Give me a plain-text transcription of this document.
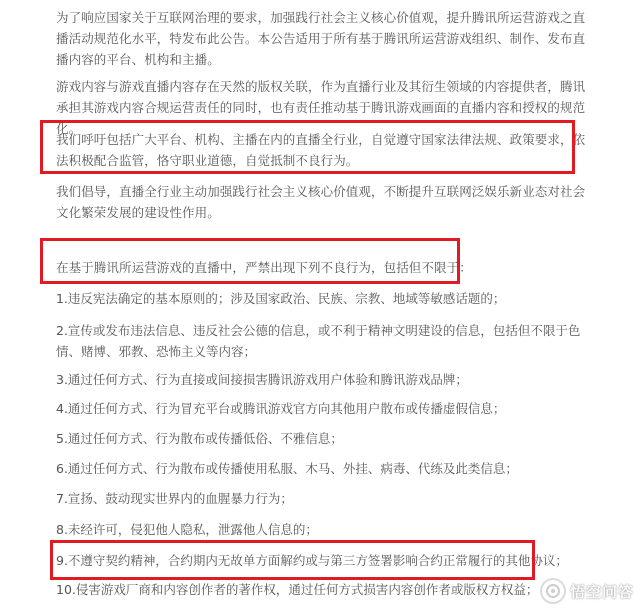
为了响应国家关于互联网治理的要求，加强践行社会主义核心价值观，提升腾讯所运营游戏之直播活动规范化水平，特发布此公告。本公告适用于所有基于腾讯所运营游戏组织、制作、发布直播内容的平台、机构和主播。

游戏内容与游戏直播内容存在天然的版权关联，作为直播行业及其衍生领域的内容提供者，腾讯承担其游戏内容合规运营责任的同时，也有责任推动基于腾讯游戏画面的直播内容和授权的规范化。

我们呼吁包括广大平台、机构、主播在内的直播全行业，自觉遵守国家法律法规、政策要求，依法积极配合监管，恪守职业道德，自觉抵制不良行为。

我们倡导，直播全行业主动加强践行社会主义核心价值观，不断提升互联网泛娱乐新业态对社会文化繁荣发展的建设性作用。

在基于腾讯所运营游戏的直播中，严禁出现下列不良行为，包括但不限于：

1.违反宪法确定的基本原则的；涉及国家政治、民族、宗教、地域等敏感话题的；

2.宣传或发布违法信息、违反社会公德的信息，或不利于精神文明建设的信息，包括但不限于色情、赌博、邪教、恐怖主义等内容；

3.通过任何方式、行为直接或间接损害腾讯游戏用户体验和腾讯游戏品牌；

4.通过任何方式、行为冒充平台或腾讯游戏官方向其他用户散布或传播虚假信息；

5.通过任何方式、行为散布或传播低俗、不雅信息；

6.通过任何方式、行为散布或传播使用私服、木马、外挂、病毒、代练及此类信息；

7.宣扬、鼓动现实世界内的血腥暴力行为；

8.未经许可，侵犯他人隐私，泄露他人信息的；

9.不遵守契约精神，合约期内无故单方面解约或与第三方签署影响合约正常履行的其他协议；

10.侵害游戏厂商和内容创作者的著作权，通过任何方式损害内容创作者或版权方权益；	悟空问答
